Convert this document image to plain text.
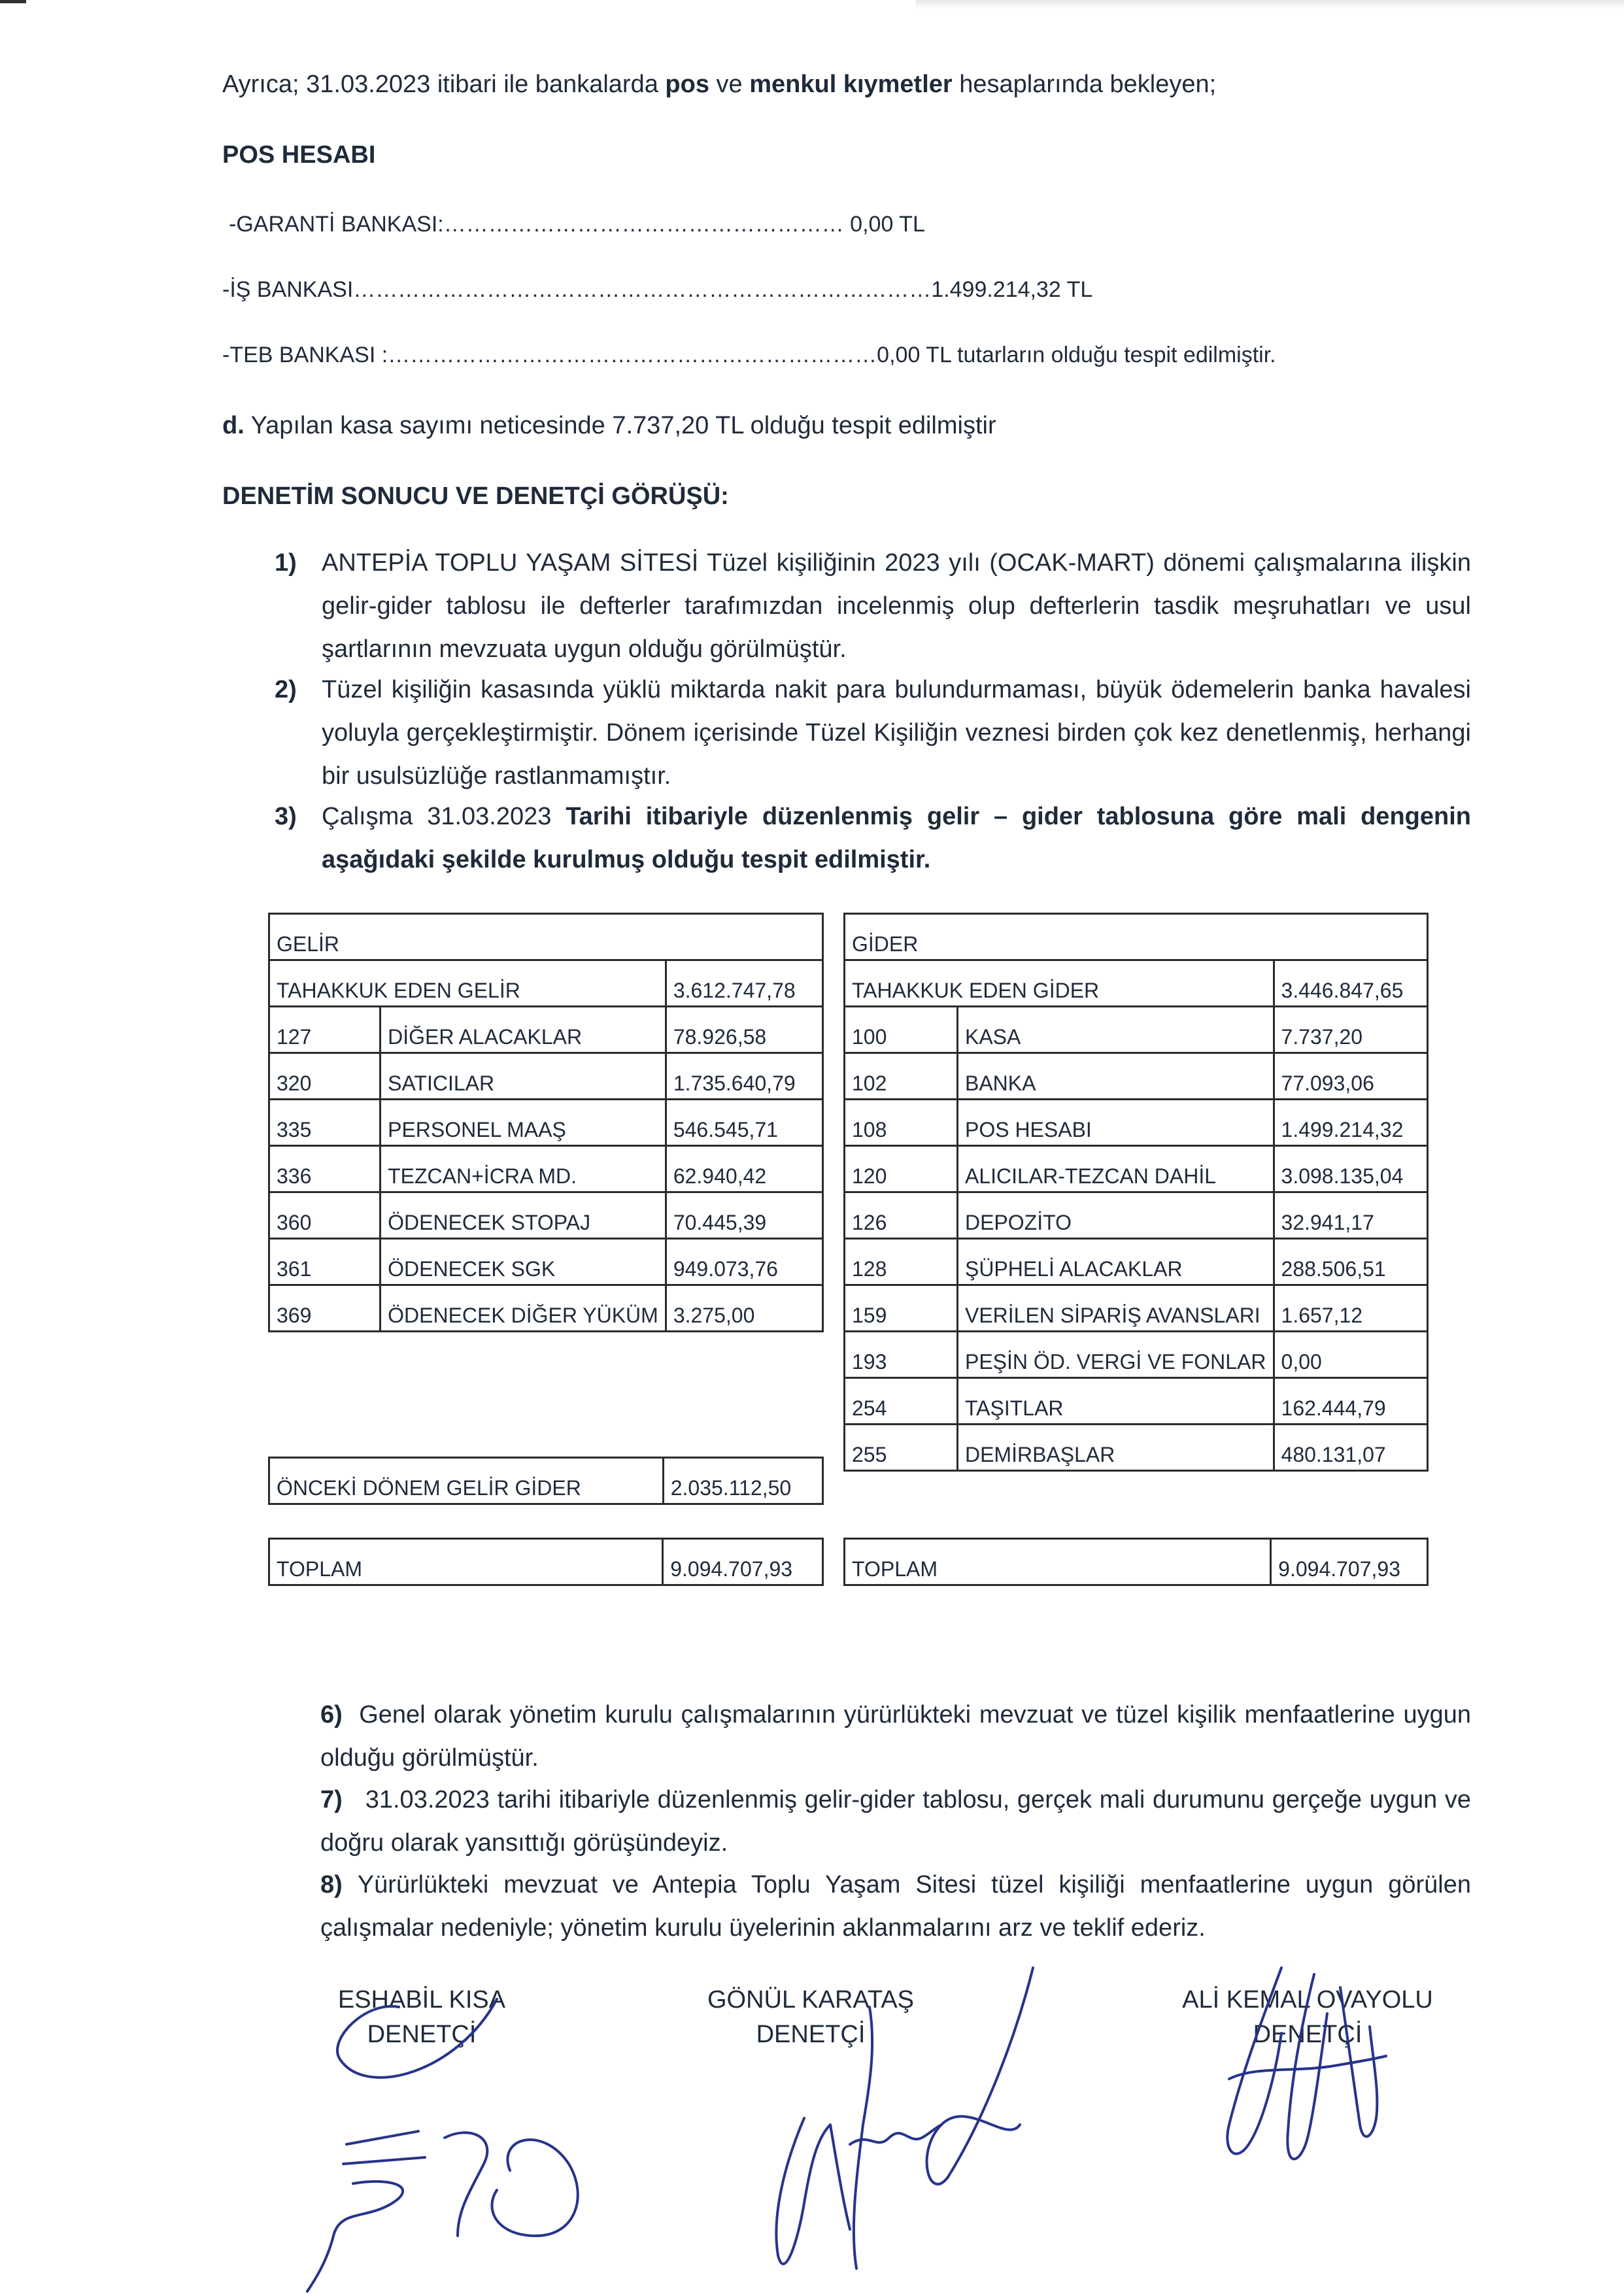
Ayrıca; 31.03.2023 itibari ile bankalarda pos ve menkul kıymetler hesaplarında bekleyen;
POS HESABI
-GARANTİ BANKASI:……………………………………………… 0,00 TL
-İŞ BANKASI……………………………………………………………………1.499.214,32 TL
-TEB BANKASI :…………………………………………………………0,00 TL tutarların olduğu tespit edilmiştir.
d. Yapılan kasa sayımı neticesinde 7.737,20 TL olduğu tespit edilmiştir
DENETİM SONUCU VE DENETÇİ GÖRÜŞÜ:
1) ANTEPİA TOPLU YAŞAM SİTESİ Tüzel kişiliğinin 2023 yılı (OCAK-MART) dönemi çalışmalarına ilişkin gelir-gider tablosu ile defterler tarafımızdan incelenmiş olup defterlerin tasdik meşruhatları ve usul şartlarının mevzuata uygun olduğu görülmüştür.
2) Tüzel kişiliğin kasasında yüklü miktarda nakit para bulundurmaması, büyük ödemelerin banka havalesi yoluyla gerçekleştirmiştir. Dönem içerisinde Tüzel Kişiliğin veznesi birden çok kez denetlenmiş, herhangi bir usulsüzlüğe rastlanmamıştır.
3) Çalışma 31.03.2023 Tarihi itibariyle düzenlenmiş gelir – gider tablosuna göre mali dengenin aşağıdaki şekilde kurulmuş olduğu tespit edilmiştir.
GELİR		
TAHAKKUK EDEN GELİR		3.612.747,78
127	DİĞER ALACAKLAR	78.926,58
320	SATICILAR	1.735.640,79
335	PERSONEL MAAŞ	546.545,71
336	TEZCAN+İCRA MD.	62.940,42
360	ÖDENECEK STOPAJ	70.445,39
361	ÖDENECEK SGK	949.073,76
369	ÖDENECEK DİĞER YÜKÜM	3.275,00
ÖNCEKİ DÖNEM GELİR GİDER	2.035.112,50
TOPLAM	9.094.707,93
GİDER		
TAHAKKUK EDEN GİDER		3.446.847,65
100	KASA	7.737,20
102	BANKA	77.093,06
108	POS HESABI	1.499.214,32
120	ALICILAR-TEZCAN DAHİL	3.098.135,04
126	DEPOZİTO	32.941,17
128	ŞÜPHELİ ALACAKLAR	288.506,51
159	VERİLEN SİPARİŞ AVANSLARI	1.657,12
193	PEŞİN ÖD. VERGİ VE FONLAR	0,00
254	TAŞITLAR	162.444,79
255	DEMİRBAŞLAR	480.131,07
TOPLAM	9.094.707,93
6) Genel olarak yönetim kurulu çalışmalarının yürürlükteki mevzuat ve tüzel kişilik menfaatlerine uygun olduğu görülmüştür.
7) 31.03.2023 tarihi itibariyle düzenlenmiş gelir-gider tablosu, gerçek mali durumunu gerçeğe uygun ve doğru olarak yansıttığı görüşündeyiz.
8) Yürürlükteki mevzuat ve Antepia Toplu Yaşam Sitesi tüzel kişiliği menfaatlerine uygun görülen çalışmalar nedeniyle; yönetim kurulu üyelerinin aklanmalarını arz ve teklif ederiz.
ESHABİL KISA
DENETÇİ
GÖNÜL KARATAŞ
DENETÇİ
ALİ KEMAL OVAYOLU
DENETÇİ
